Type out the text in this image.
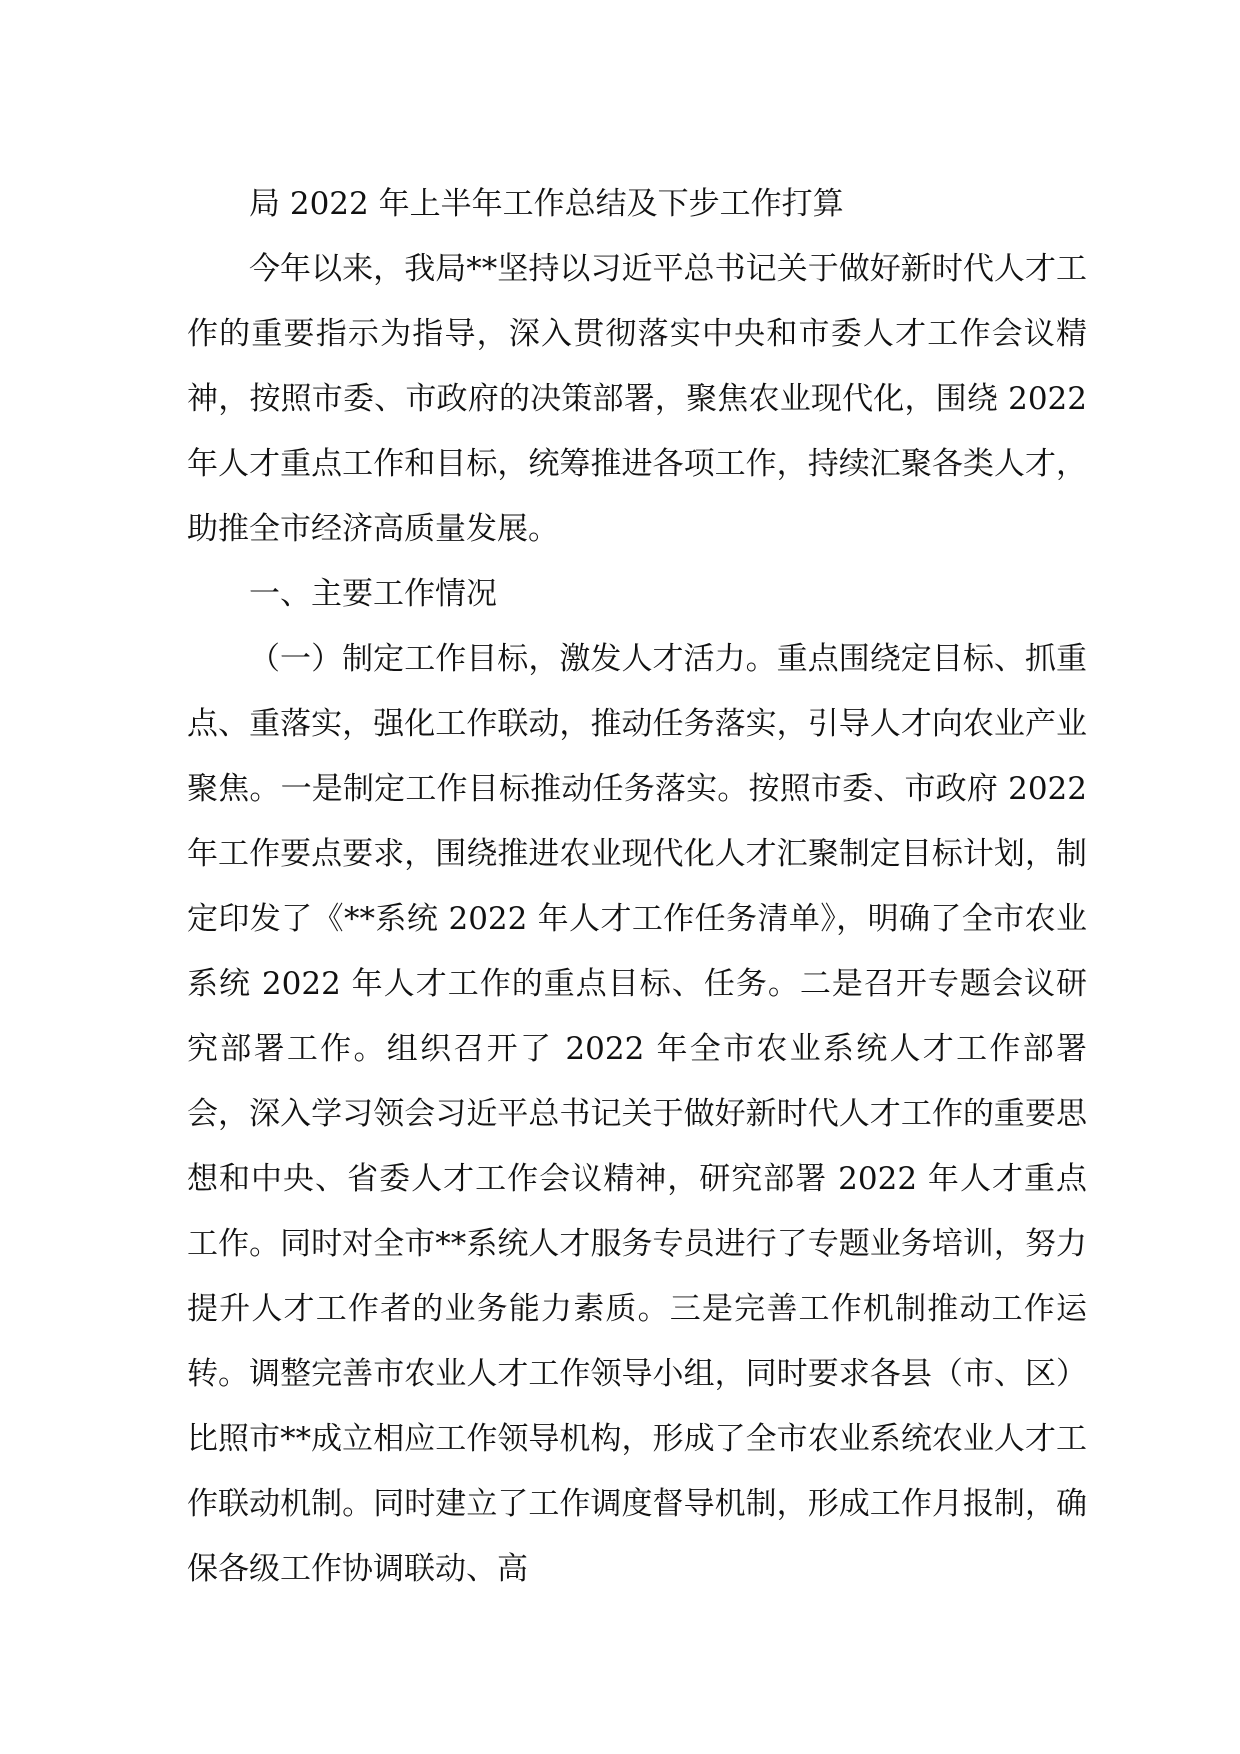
局 2022 年上半年工作总结及下步工作打算

今年以来，我局**坚持以习近平总书记关于做好新时代人才工作的重要指示为指导，深入贯彻落实中央和市委人才工作会议精神，按照市委、市政府的决策部署，聚焦农业现代化，围绕 2022 年人才重点工作和目标，统筹推进各项工作，持续汇聚各类人才，助推全市经济高质量发展。

一、主要工作情况

（一）制定工作目标，激发人才活力。重点围绕定目标、抓重点、重落实，强化工作联动，推动任务落实，引导人才向农业产业聚焦。一是制定工作目标推动任务落实。按照市委、市政府 2022 年工作要点要求，围绕推进农业现代化人才汇聚制定目标计划，制定印发了《**系统 2022 年人才工作任务清单》，明确了全市农业系统 2022 年人才工作的重点目标、任务。二是召开专题会议研究部署工作。组织召开了 2022 年全市农业系统人才工作部署会，深入学习领会习近平总书记关于做好新时代人才工作的重要思想和中央、省委人才工作会议精神，研究部署 2022 年人才重点工作。同时对全市**系统人才服务专员进行了专题业务培训，努力提升人才工作者的业务能力素质。三是完善工作机制推动工作运转。调整完善市农业人才工作领导小组，同时要求各县（市、区）比照市**成立相应工作领导机构，形成了全市农业系统农业人才工作联动机制。同时建立了工作调度督导机制，形成工作月报制，确保各级工作协调联动、高
